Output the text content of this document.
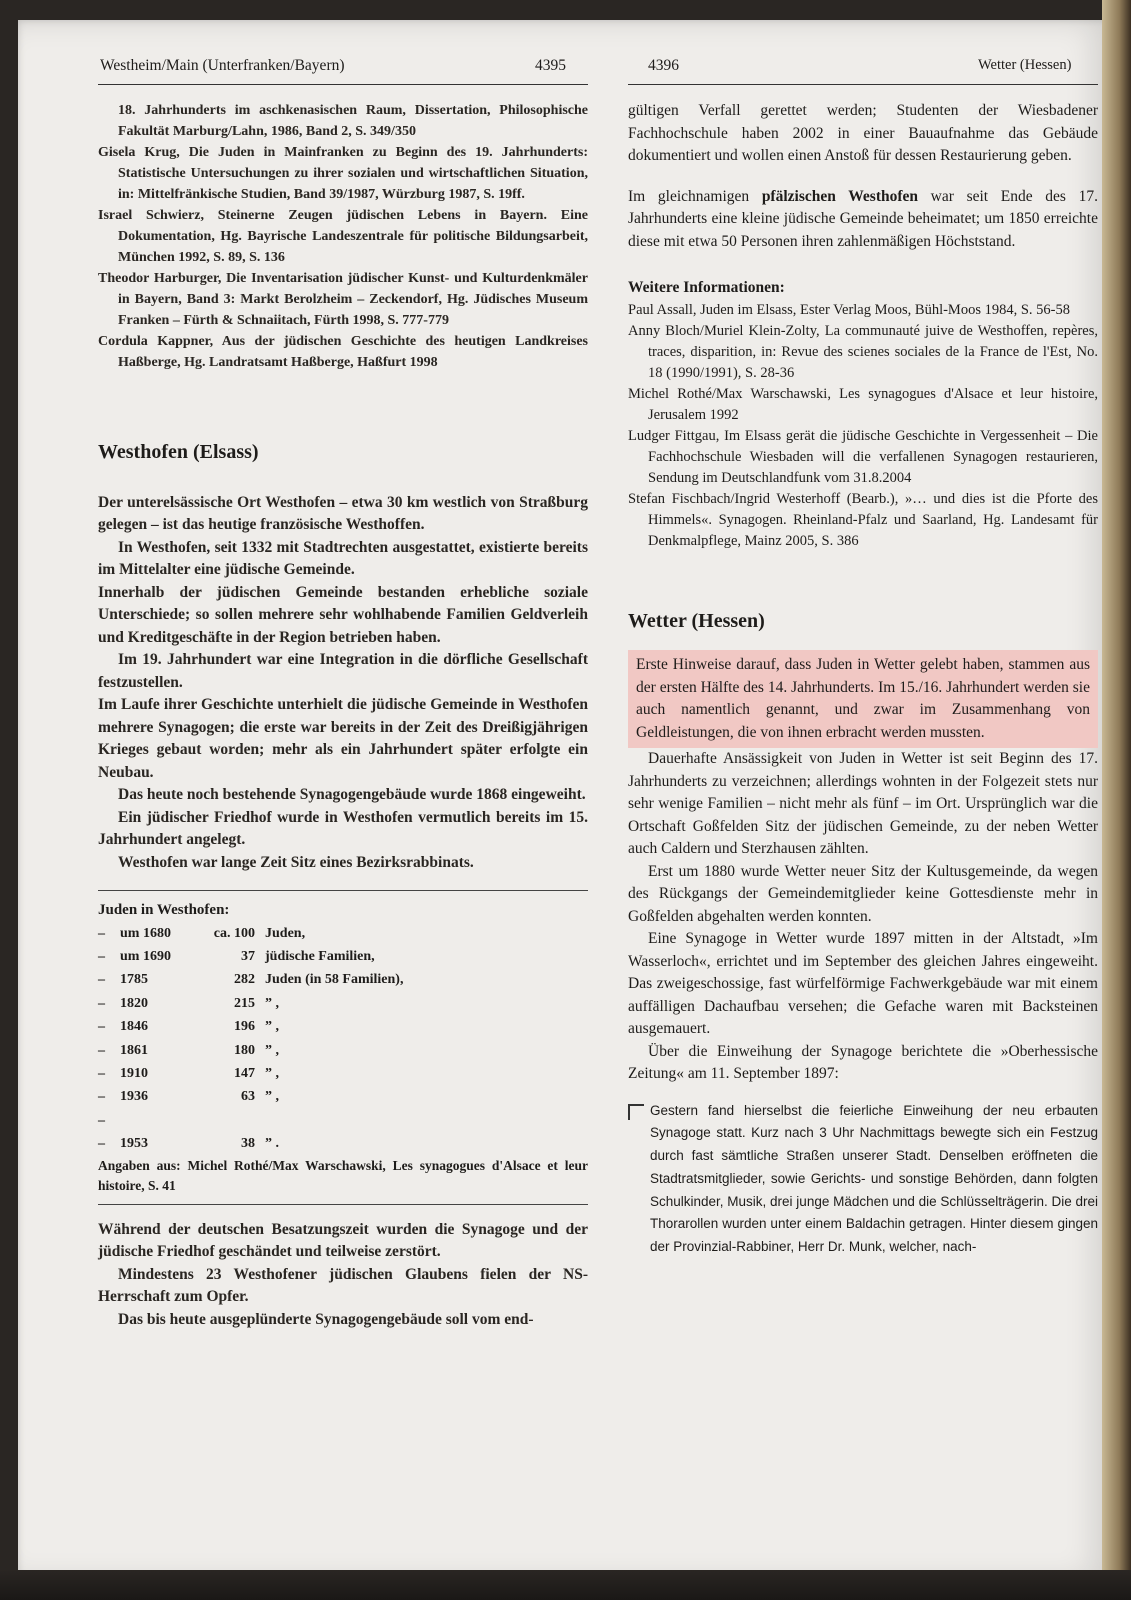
Westheim/Main (Unterfranken/Bayern)	4395	4396	Wetter (Hessen)

18. Jahrhunderts im aschkenasischen Raum, Dissertation, Philosophische Fakultät Marburg/Lahn, 1986, Band 2, S. 349/350

Gisela Krug, Die Juden in Mainfranken zu Beginn des 19. Jahrhunderts: Statistische Untersuchungen zu ihrer sozialen und wirtschaftlichen Situation, in: Mittelfränkische Studien, Band 39/1987, Würzburg 1987, S. 19ff.

Israel Schwierz, Steinerne Zeugen jüdischen Lebens in Bayern. Eine Dokumentation, Hg. Bayrische Landeszentrale für politische Bildungsarbeit, München 1992, S. 89, S. 136

Theodor Harburger, Die Inventarisation jüdischer Kunst- und Kulturdenkmäler in Bayern, Band 3: Markt Berolzheim – Zeckendorf, Hg. Jüdisches Museum Franken – Fürth & Schnaiitach, Fürth 1998, S. 777-779

Cordula Kappner, Aus der jüdischen Geschichte des heutigen Landkreises Haßberge, Hg. Landratsamt Haßberge, Haßfurt 1998

Westhofen (Elsass)

Der unterelsässische Ort Westhofen – etwa 30 km westlich von Straßburg gelegen – ist das heutige französische Westhoffen.

In Westhofen, seit 1332 mit Stadtrechten ausgestattet, existierte bereits im Mittelalter eine jüdische Gemeinde.

Innerhalb der jüdischen Gemeinde bestanden erhebliche soziale Unterschiede; so sollen mehrere sehr wohlhabende Familien Geldverleih und Kreditgeschäfte in der Region betrieben haben.

Im 19. Jahrhundert war eine Integration in die dörfliche Gesellschaft festzustellen.

Im Laufe ihrer Geschichte unterhielt die jüdische Gemeinde in Westhofen mehrere Synagogen; die erste war bereits in der Zeit des Dreißigjährigen Krieges gebaut worden; mehr als ein Jahrhundert später erfolgte ein Neubau.

Das heute noch bestehende Synagogengebäude wurde 1868 eingeweiht.

Ein jüdischer Friedhof wurde in Westhofen vermutlich bereits im 15. Jahrhundert angelegt.

Westhofen war lange Zeit Sitz eines Bezirksrabbinats.

Juden in Westhofen:
–	um 1680	ca. 100 Juden,
–	um 1690	37 jüdische Familien,
–	1785	282 Juden (in 58 Familien),
–	1820	215 ” ,
–	1846	196 ” ,
–	1861	180 ” ,
–	1910	147 ” ,
–	1936	63 ” ,
–
–	1953	38 ” .

Angaben aus: Michel Rothé/Max Warschawski, Les synagogues d'Alsace et leur histoire, S. 41

Während der deutschen Besatzungszeit wurden die Synagoge und der jüdische Friedhof geschändet und teilweise zerstört.

Mindestens 23 Westhofener jüdischen Glaubens fielen der NS-Herrschaft zum Opfer.

Das bis heute ausgeplünderte Synagogengebäude soll vom end-

gültigen Verfall gerettet werden; Studenten der Wiesbadener Fachhochschule haben 2002 in einer Bauaufnahme das Gebäude dokumentiert und wollen einen Anstoß für dessen Restaurierung geben.

Im gleichnamigen pfälzischen Westhofen war seit Ende des 17. Jahrhunderts eine kleine jüdische Gemeinde beheimatet; um 1850 erreichte diese mit etwa 50 Personen ihren zahlenmäßigen Höchststand.

Weitere Informationen:

Paul Assall, Juden im Elsass, Ester Verlag Moos, Bühl-Moos 1984, S. 56-58

Anny Bloch/Muriel Klein-Zolty, La communauté juive de Westhoffen, repères, traces, disparition, in: Revue des scienes sociales de la France de l'Est, No. 18 (1990/1991), S. 28-36

Michel Rothé/Max Warschawski, Les synagogues d'Alsace et leur histoire, Jerusalem 1992

Ludger Fittgau, Im Elsass gerät die jüdische Geschichte in Vergessenheit – Die Fachhochschule Wiesbaden will die verfallenen Synagogen restaurieren, Sendung im Deutschlandfunk vom 31.8.2004

Stefan Fischbach/Ingrid Westerhoff (Bearb.), »… und dies ist die Pforte des Himmels«. Synagogen. Rheinland-Pfalz und Saarland, Hg. Landesamt für Denkmalpflege, Mainz 2005, S. 386

Wetter (Hessen)

Erste Hinweise darauf, dass Juden in Wetter gelebt haben, stammen aus der ersten Hälfte des 14. Jahrhunderts. Im 15./16. Jahrhundert werden sie auch namentlich genannt, und zwar im Zusammenhang von Geldleistungen, die von ihnen erbracht werden mussten.

Dauerhafte Ansässigkeit von Juden in Wetter ist seit Beginn des 17. Jahrhunderts zu verzeichnen; allerdings wohnten in der Folgezeit stets nur sehr wenige Familien – nicht mehr als fünf – im Ort. Ursprünglich war die Ortschaft Goßfelden Sitz der jüdischen Gemeinde, zu der neben Wetter auch Caldern und Sterzhausen zählten.

Erst um 1880 wurde Wetter neuer Sitz der Kultusgemeinde, da wegen des Rückgangs der Gemeindemitglieder keine Gottesdienste mehr in Goßfelden abgehalten werden konnten.

Eine Synagoge in Wetter wurde 1897 mitten in der Altstadt, »Im Wasserloch«, errichtet und im September des gleichen Jahres eingeweiht. Das zweigeschossige, fast würfelförmige Fachwerkgebäude war mit einem auffälligen Dachaufbau versehen; die Gefache waren mit Backsteinen ausgemauert.

Über die Einweihung der Synagoge berichtete die »Oberhessische Zeitung« am 11. September 1897:

Gestern fand hierselbst die feierliche Einweihung der neu erbauten Synagoge statt. Kurz nach 3 Uhr Nachmittags bewegte sich ein Festzug durch fast sämtliche Straßen unserer Stadt. Denselben eröffneten die Stadtratsmitglieder, sowie Gerichts- und sonstige Behörden, dann folgten Schulkinder, Musik, drei junge Mädchen und die Schlüsselträgerin. Die drei Thorarollen wurden unter einem Baldachin getragen. Hinter diesem gingen der Provinzial-Rabbiner, Herr Dr. Munk, welcher, nach-
